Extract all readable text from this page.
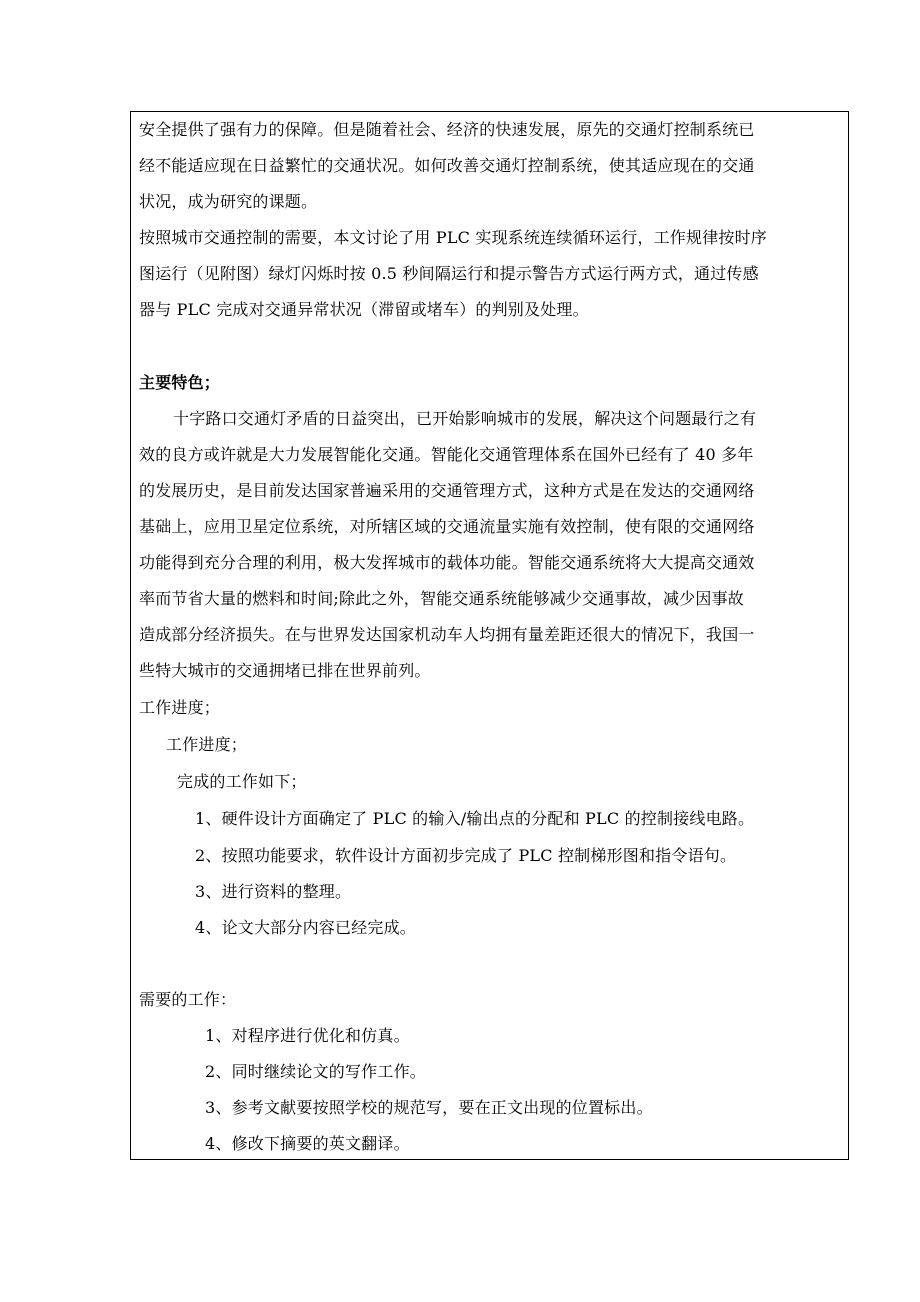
安全提供了强有力的保障。但是随着社会、经济的快速发展，原先的交通灯控制系统已
经不能适应现在日益繁忙的交通状况。如何改善交通灯控制系统，使其适应现在的交通
状况，成为研究的课题。
按照城市交通控制的需要，本文讨论了用 PLC 实现系统连续循环运行，工作规律按时序
图运行（见附图）绿灯闪烁时按 0.5 秒间隔运行和提示警告方式运行两方式，通过传感
器与 PLC 完成对交通异常状况（滞留或堵车）的判别及处理。
主要特色；
十字路口交通灯矛盾的日益突出，已开始影响城市的发展，解决这个问题最行之有
效的良方或许就是大力发展智能化交通。智能化交通管理体系在国外已经有了 40 多年
的发展历史，是目前发达国家普遍采用的交通管理方式，这种方式是在发达的交通网络
基础上，应用卫星定位系统，对所辖区域的交通流量实施有效控制，使有限的交通网络
功能得到充分合理的利用，极大发挥城市的载体功能。智能交通系统将大大提高交通效
率而节省大量的燃料和时间;除此之外，智能交通系统能够减少交通事故，减少因事故
造成部分经济损失。在与世界发达国家机动车人均拥有量差距还很大的情况下，我国一
些特大城市的交通拥堵已排在世界前列。
工作进度；
工作进度；
完成的工作如下；
1、硬件设计方面确定了 PLC 的输入/输出点的分配和 PLC 的控制接线电路。
2、按照功能要求，软件设计方面初步完成了 PLC 控制梯形图和指令语句。
3、进行资料的整理。
4、论文大部分内容已经完成。
需要的工作：
1、对程序进行优化和仿真。
2、同时继续论文的写作工作。
3、参考文献要按照学校的规范写，要在正文出现的位置标出。
4、修改下摘要的英文翻译。
